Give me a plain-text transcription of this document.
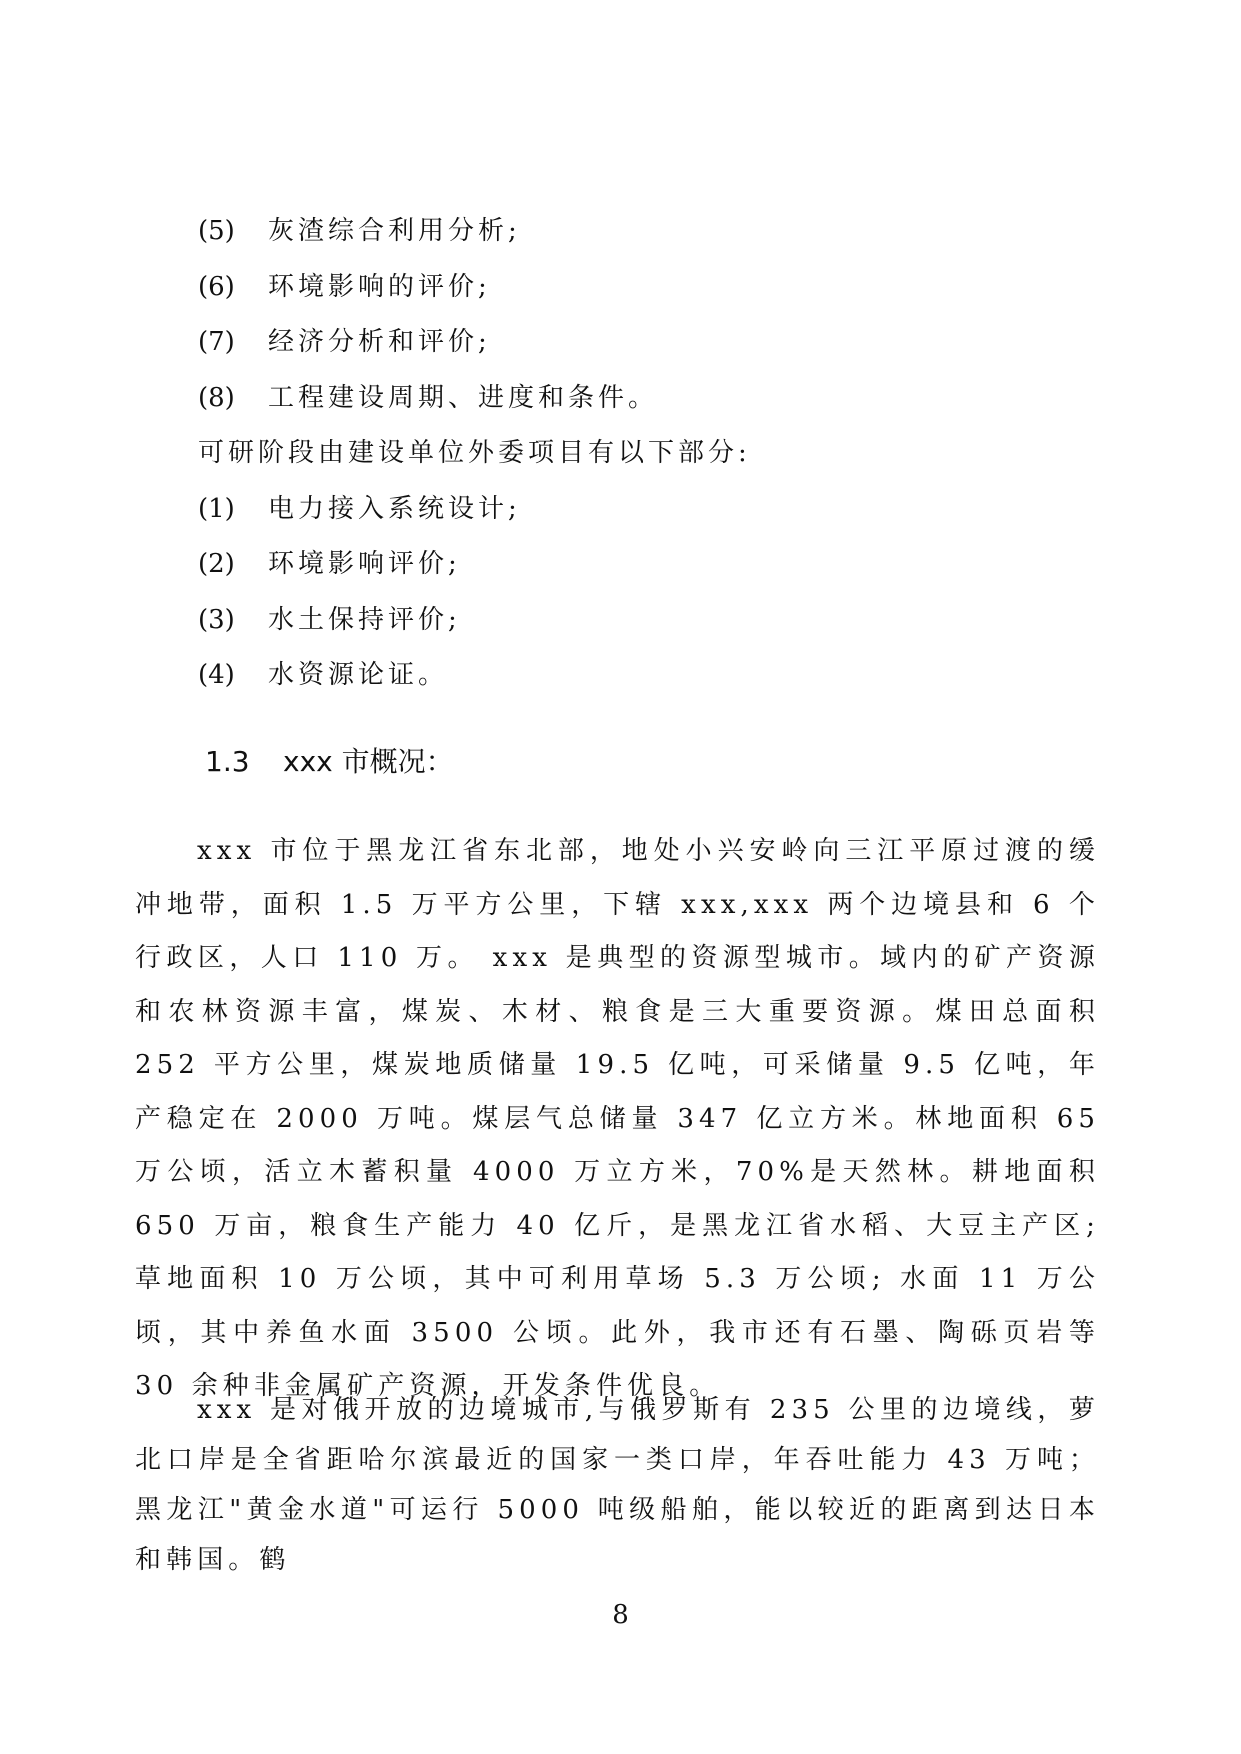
(5) 灰渣综合利用分析;
(6) 环境影响的评价;
(7) 经济分析和评价;
(8) 工程建设周期、进度和条件。
可研阶段由建设单位外委项目有以下部分:
(1) 电力接入系统设计;
(2) 环境影响评价;
(3) 水土保持评价;
(4) 水资源论证。
1.3 xxx 市概况：

xxx 市位于黑龙江省东北部，地处小兴安岭向三江平原过渡的缓冲地带，面积 1.5 万平方公里，下辖 xxx,xxx 两个边境县和 6 个行政区，人口 110 万。 xxx 是典型的资源型城市。域内的矿产资源和农林资源丰富，煤炭、木材、粮食是三大重要资源。煤田总面积 252 平方公里，煤炭地质储量 19.5 亿吨，可采储量 9.5 亿吨，年产稳定在 2000 万吨。煤层气总储量 347 亿立方米。林地面积 65 万公顷，活立木蓄积量 4000 万立方米，70%是天然林。耕地面积 650 万亩，粮食生产能力 40 亿斤，是黑龙江省水稻、大豆主产区; 草地面积 10 万公顷，其中可利用草场 5.3 万公顷; 水面 11 万公顷，其中养鱼水面 3500 公顷。此外，我市还有石墨、陶砾页岩等 30 余种非金属矿产资源，开发条件优良。

xxx 是对俄开放的边境城市,与俄罗斯有 235 公里的边境线，萝北口岸是全省距哈尔滨最近的国家一类口岸，年吞吐能力 43 万吨；黑龙江"黄金水道"可运行 5000 吨级船舶，能以较近的距离到达日本和韩国。鹤

8
